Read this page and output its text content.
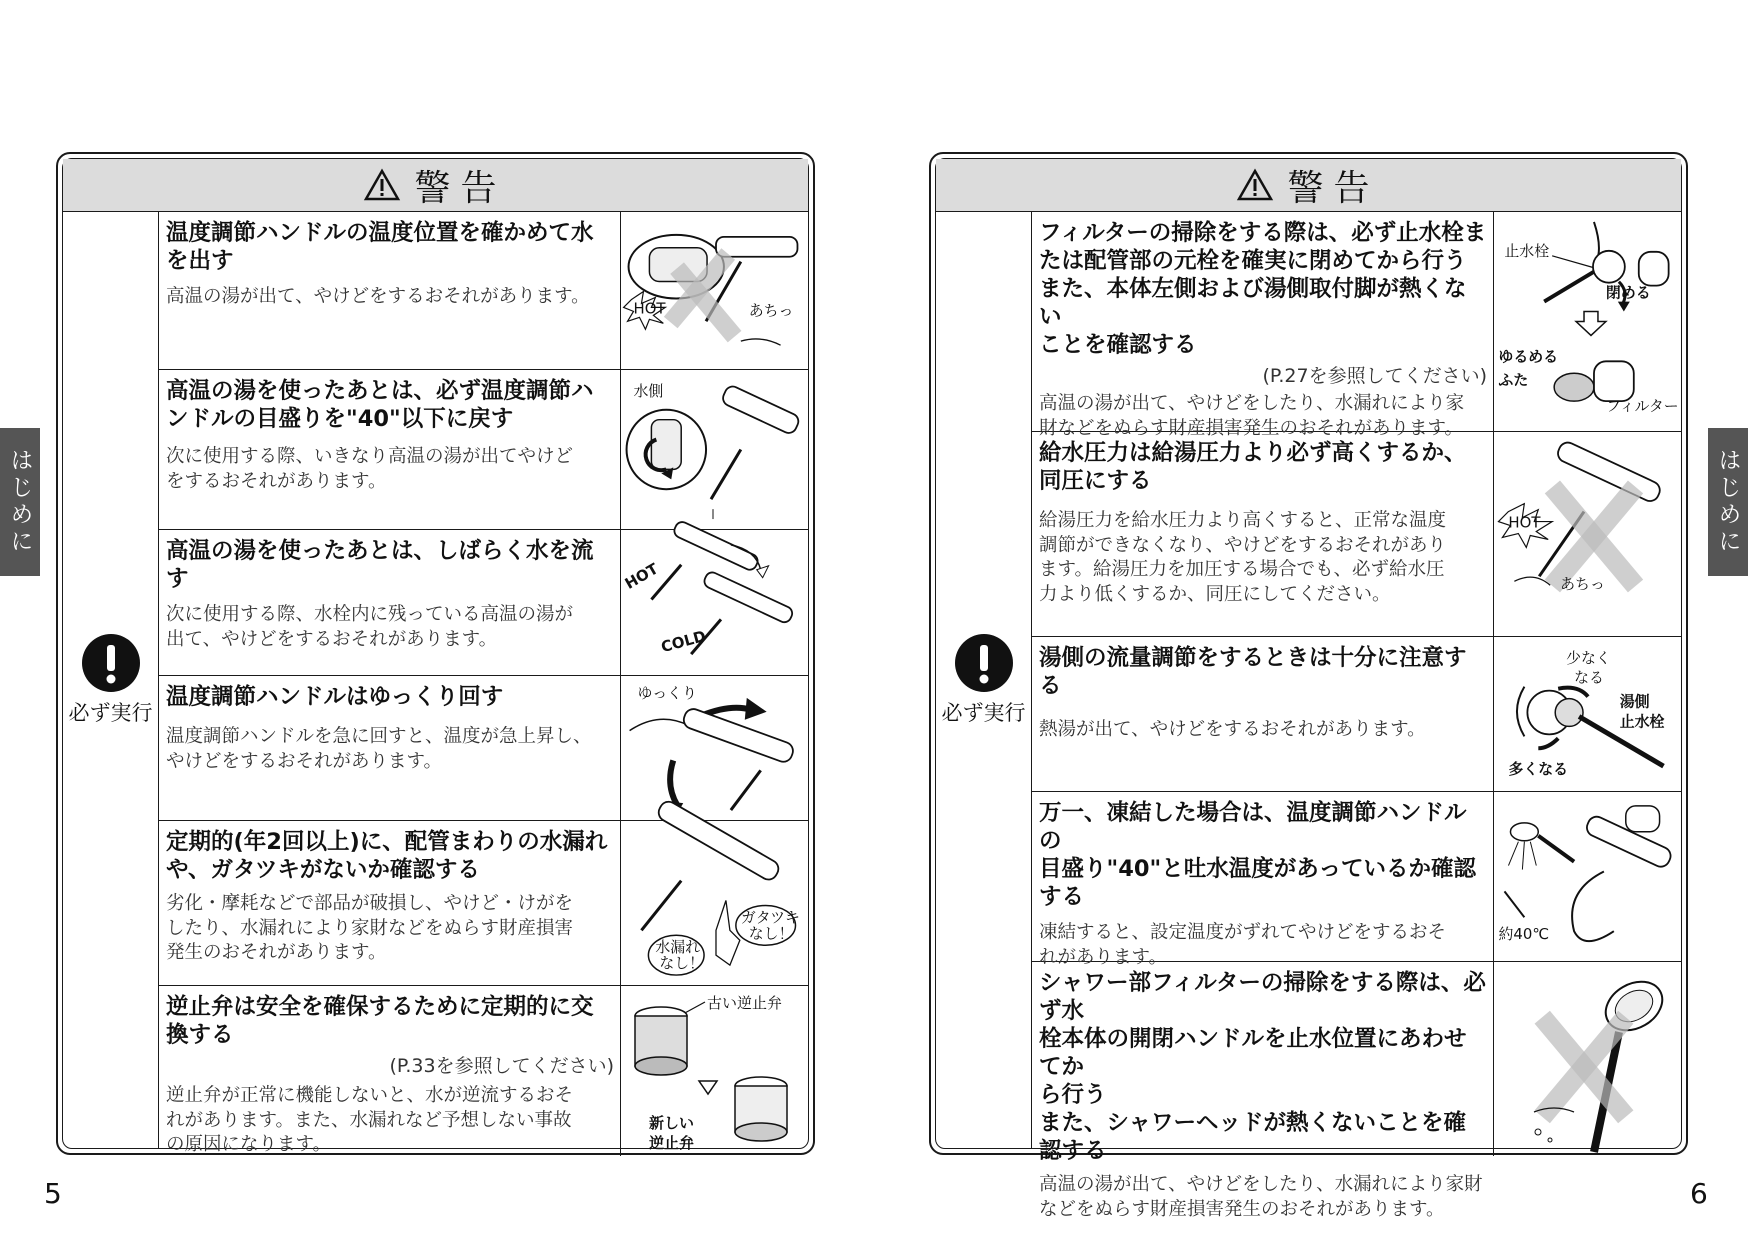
警告
必ず実行
温度調節ハンドルの温度位置を確かめて水
を出す
高温の湯が出て、やけどをするおそれがあります。
HOT	あちっ
高温の湯を使ったあとは、必ず温度調節ハ
ンドルの目盛りを"40"以下に戻す
次に使用する際、いきなり高温の湯が出てやけど
をするおそれがあります。
水側
高温の湯を使ったあとは、しばらく水を流す
次に使用する際、水栓内に残っている高温の湯が
出て、やけどをするおそれがあります。
HOT
COLD
温度調節ハンドルはゆっくり回す
温度調節ハンドルを急に回すと、温度が急上昇し、
やけどをするおそれがあります。
ゆっくり
定期的(年2回以上)に、配管まわりの水漏れ
や、ガタツキがないか確認する
劣化・摩耗などで部品が破損し、やけど・けがを
したり、水漏れにより家財などをぬらす財産損害
発生のおそれがあります。
ガタツキ
なし！
水漏れ
なし！
逆止弁は安全を確保するために定期的に交
換する
(P.33を参照してください)
逆止弁が正常に機能しないと、水が逆流するおそ
れがあります。また、水漏れなど予想しない事故
の原因になります。
古い逆止弁
新しい
逆止弁
5
はじめに
警告
必ず実行
フィルターの掃除をする際は、必ず止水栓ま
たは配管部の元栓を確実に閉めてから行う
また、本体左側および湯側取付脚が熱くない
ことを確認する
(P.27を参照してください)
高温の湯が出て、やけどをしたり、水漏れにより家
財などをぬらす財産損害発生のおそれがあります。
止水栓
閉める
ゆるめる
ふた
フィルター
給水圧力は給湯圧力より必ず高くするか、
同圧にする
給湯圧力を給水圧力より高くすると、正常な温度
調節ができなくなり、やけどをするおそれがあり
ます。給湯圧力を加圧する場合でも、必ず給水圧
力より低くするか、同圧にしてください。
HOT
あちっ
湯側の流量調節をするときは十分に注意す
る
熱湯が出て、やけどをするおそれがあります。
少なく
なる
湯側
止水栓
多くなる
万一、凍結した場合は、温度調節ハンドルの
目盛り"40"と吐水温度があっているか確認
する
凍結すると、設定温度がずれてやけどをするおそ
れがあります。
約40℃
シャワー部フィルターの掃除をする際は、必ず水
栓本体の開閉ハンドルを止水位置にあわせてか
ら行う
また、シャワーヘッドが熱くないことを確認する
高温の湯が出て、やけどをしたり、水漏れにより家財
などをぬらす財産損害発生のおそれがあります。	6
はじめに
